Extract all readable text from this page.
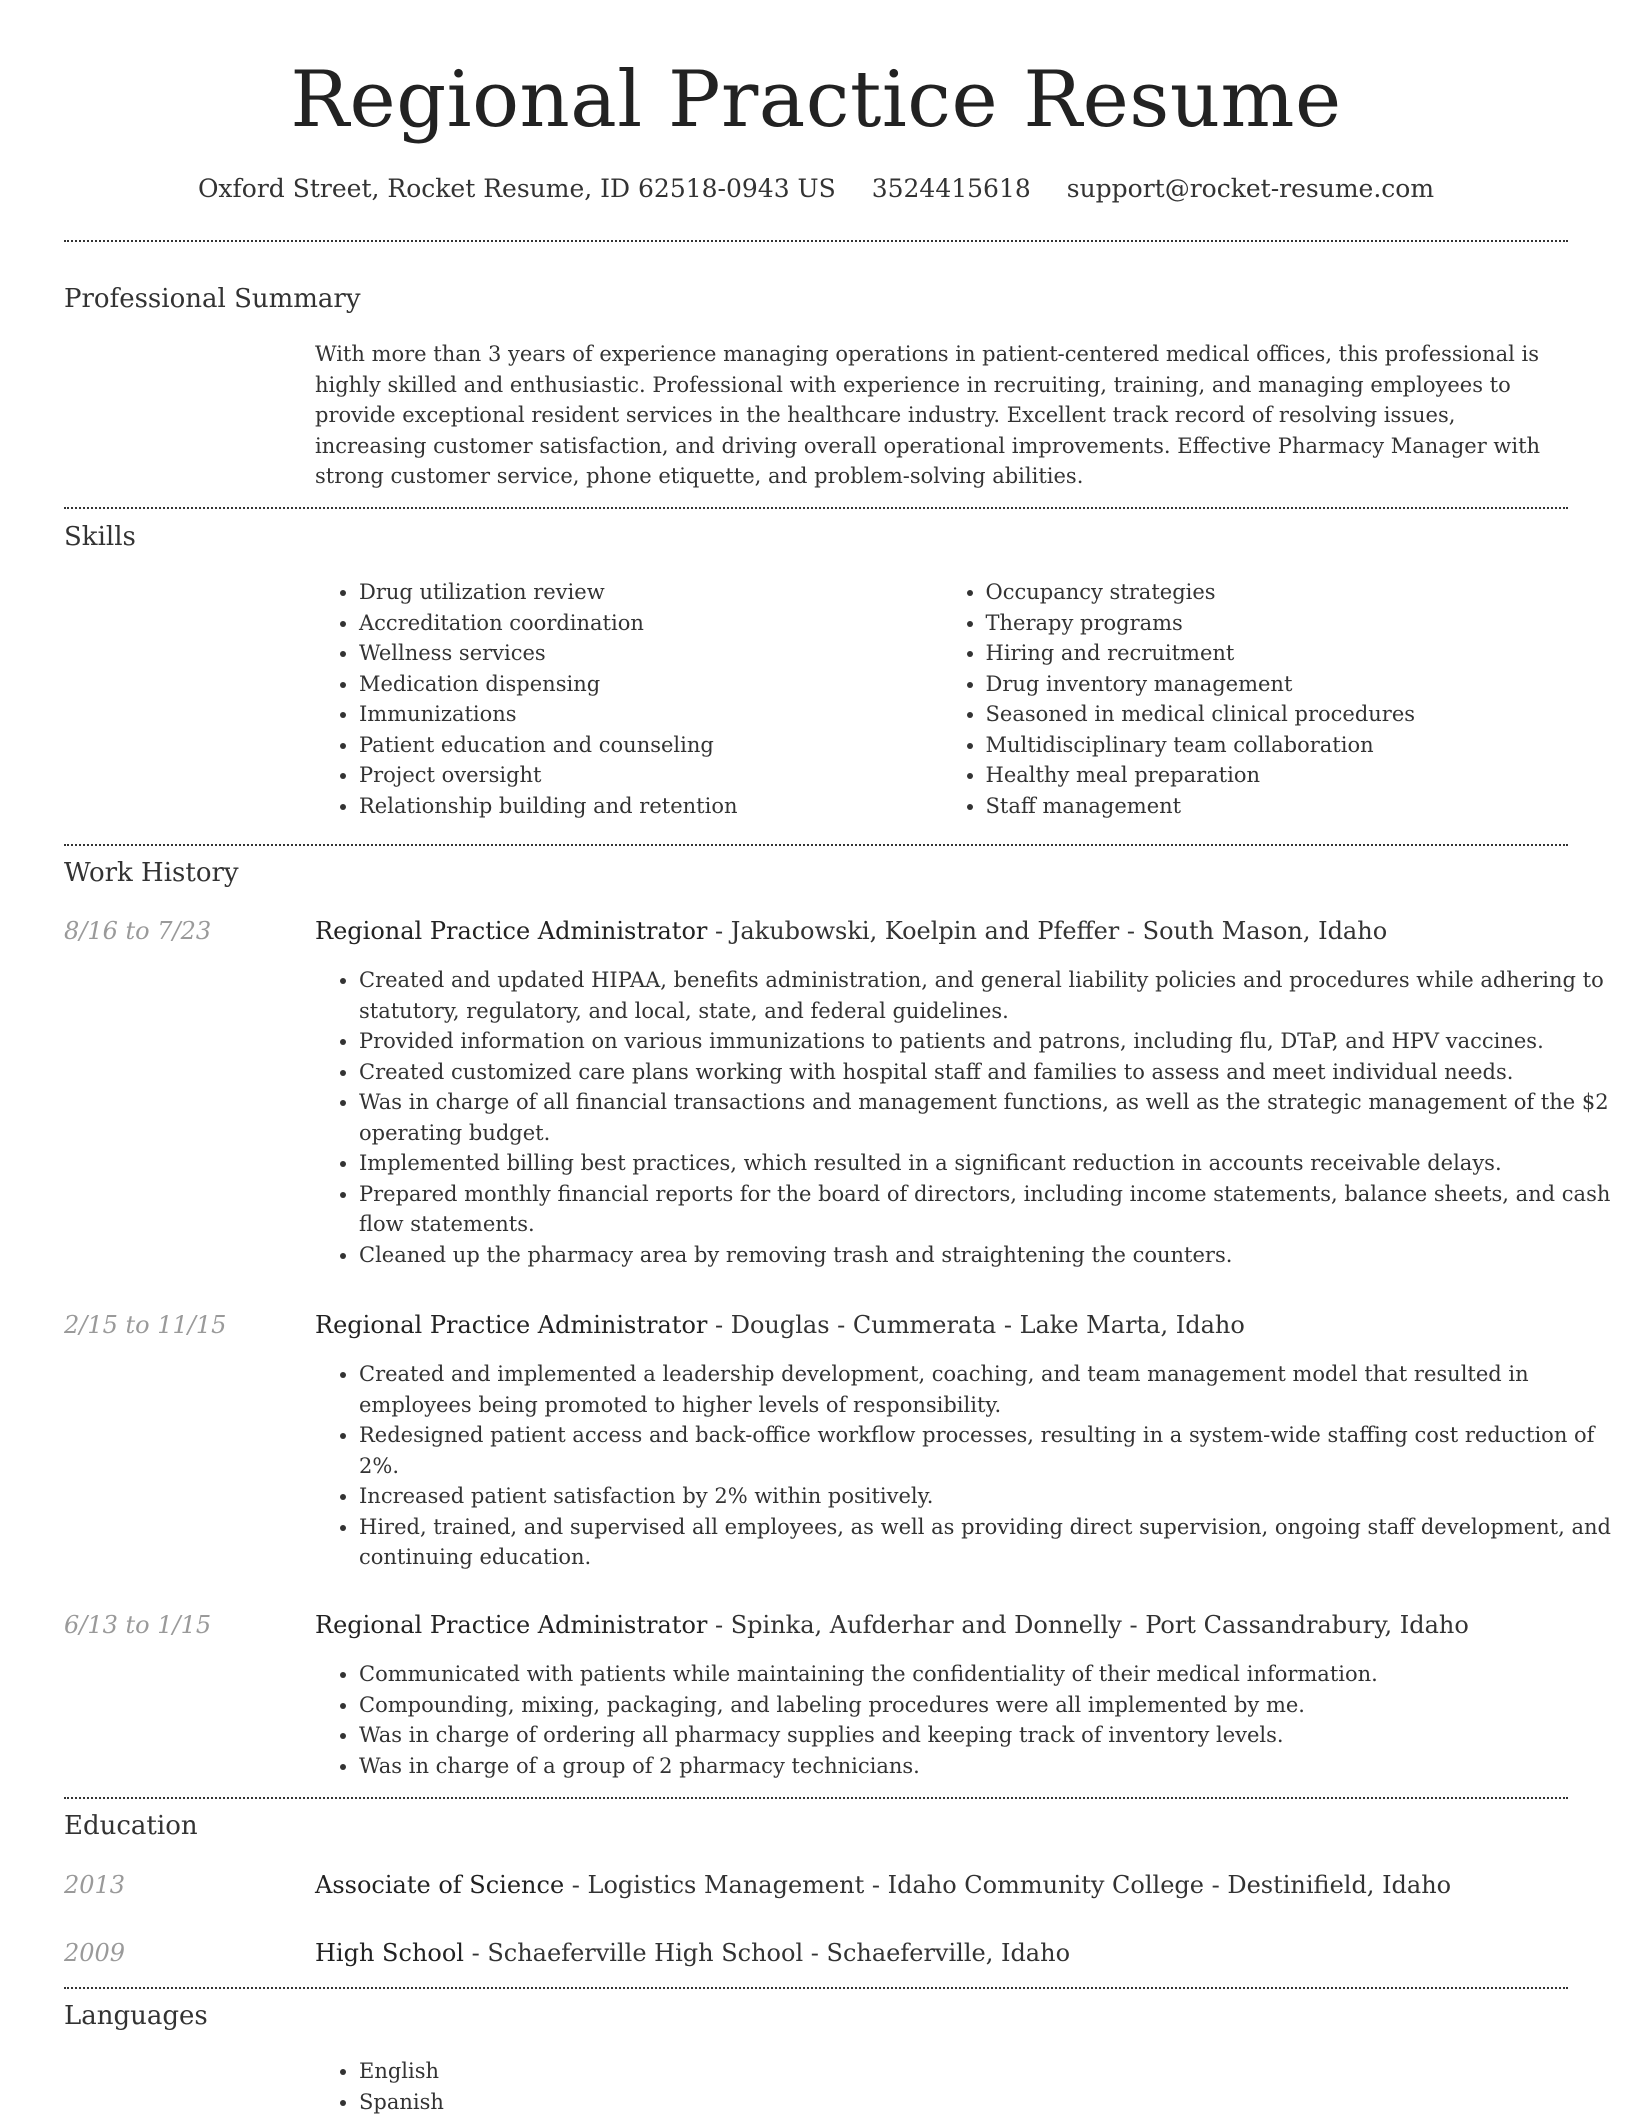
Regional Practice Resume
Oxford Street, Rocket Resume, ID 62518-0943 US 3524415618 support@rocket-resume.com
Professional Summary

With more than 3 years of experience managing operations in patient-centered medical offices, this professional is highly skilled and enthusiastic. Professional with experience in recruiting, training, and managing employees to provide exceptional resident services in the healthcare industry. Excellent track record of resolving issues, increasing customer satisfaction, and driving overall operational improvements. Effective Pharmacy Manager with strong customer service, phone etiquette, and problem-solving abilities.

Skills
• Drug utilization review
• Accreditation coordination
• Wellness services
• Medication dispensing
• Immunizations
• Patient education and counseling
• Project oversight
• Relationship building and retention
• Occupancy strategies
• Therapy programs
• Hiring and recruitment
• Drug inventory management
• Seasoned in medical clinical procedures
• Multidisciplinary team collaboration
• Healthy meal preparation
• Staff management
Work History
8/16 to 7/23	Regional Practice Administrator - Jakubowski, Koelpin and Pfeffer - South Mason, Idaho
• Created and updated HIPAA, benefits administration, and general liability policies and procedures while adhering to statutory, regulatory, and local, state, and federal guidelines.
• Provided information on various immunizations to patients and patrons, including flu, DTaP, and HPV vaccines.
• Created customized care plans working with hospital staff and families to assess and meet individual needs.
• Was in charge of all financial transactions and management functions, as well as the strategic management of the $2 operating budget.
• Implemented billing best practices, which resulted in a significant reduction in accounts receivable delays.
• Prepared monthly financial reports for the board of directors, including income statements, balance sheets, and cash flow statements.
• Cleaned up the pharmacy area by removing trash and straightening the counters.
2/15 to 11/15	Regional Practice Administrator - Douglas - Cummerata - Lake Marta, Idaho
• Created and implemented a leadership development, coaching, and team management model that resulted in employees being promoted to higher levels of responsibility.
• Redesigned patient access and back-office workflow processes, resulting in a system-wide staffing cost reduction of 2%.
• Increased patient satisfaction by 2% within positively.
• Hired, trained, and supervised all employees, as well as providing direct supervision, ongoing staff development, and continuing education.
6/13 to 1/15	Regional Practice Administrator - Spinka, Aufderhar and Donnelly - Port Cassandrabury, Idaho
• Communicated with patients while maintaining the confidentiality of their medical information.
• Compounding, mixing, packaging, and labeling procedures were all implemented by me.
• Was in charge of ordering all pharmacy supplies and keeping track of inventory levels.
• Was in charge of a group of 2 pharmacy technicians.
Education
2013	Associate of Science - Logistics Management - Idaho Community College - Destinifield, Idaho
2009	High School - Schaeferville High School - Schaeferville, Idaho
Languages
• English
• Spanish
